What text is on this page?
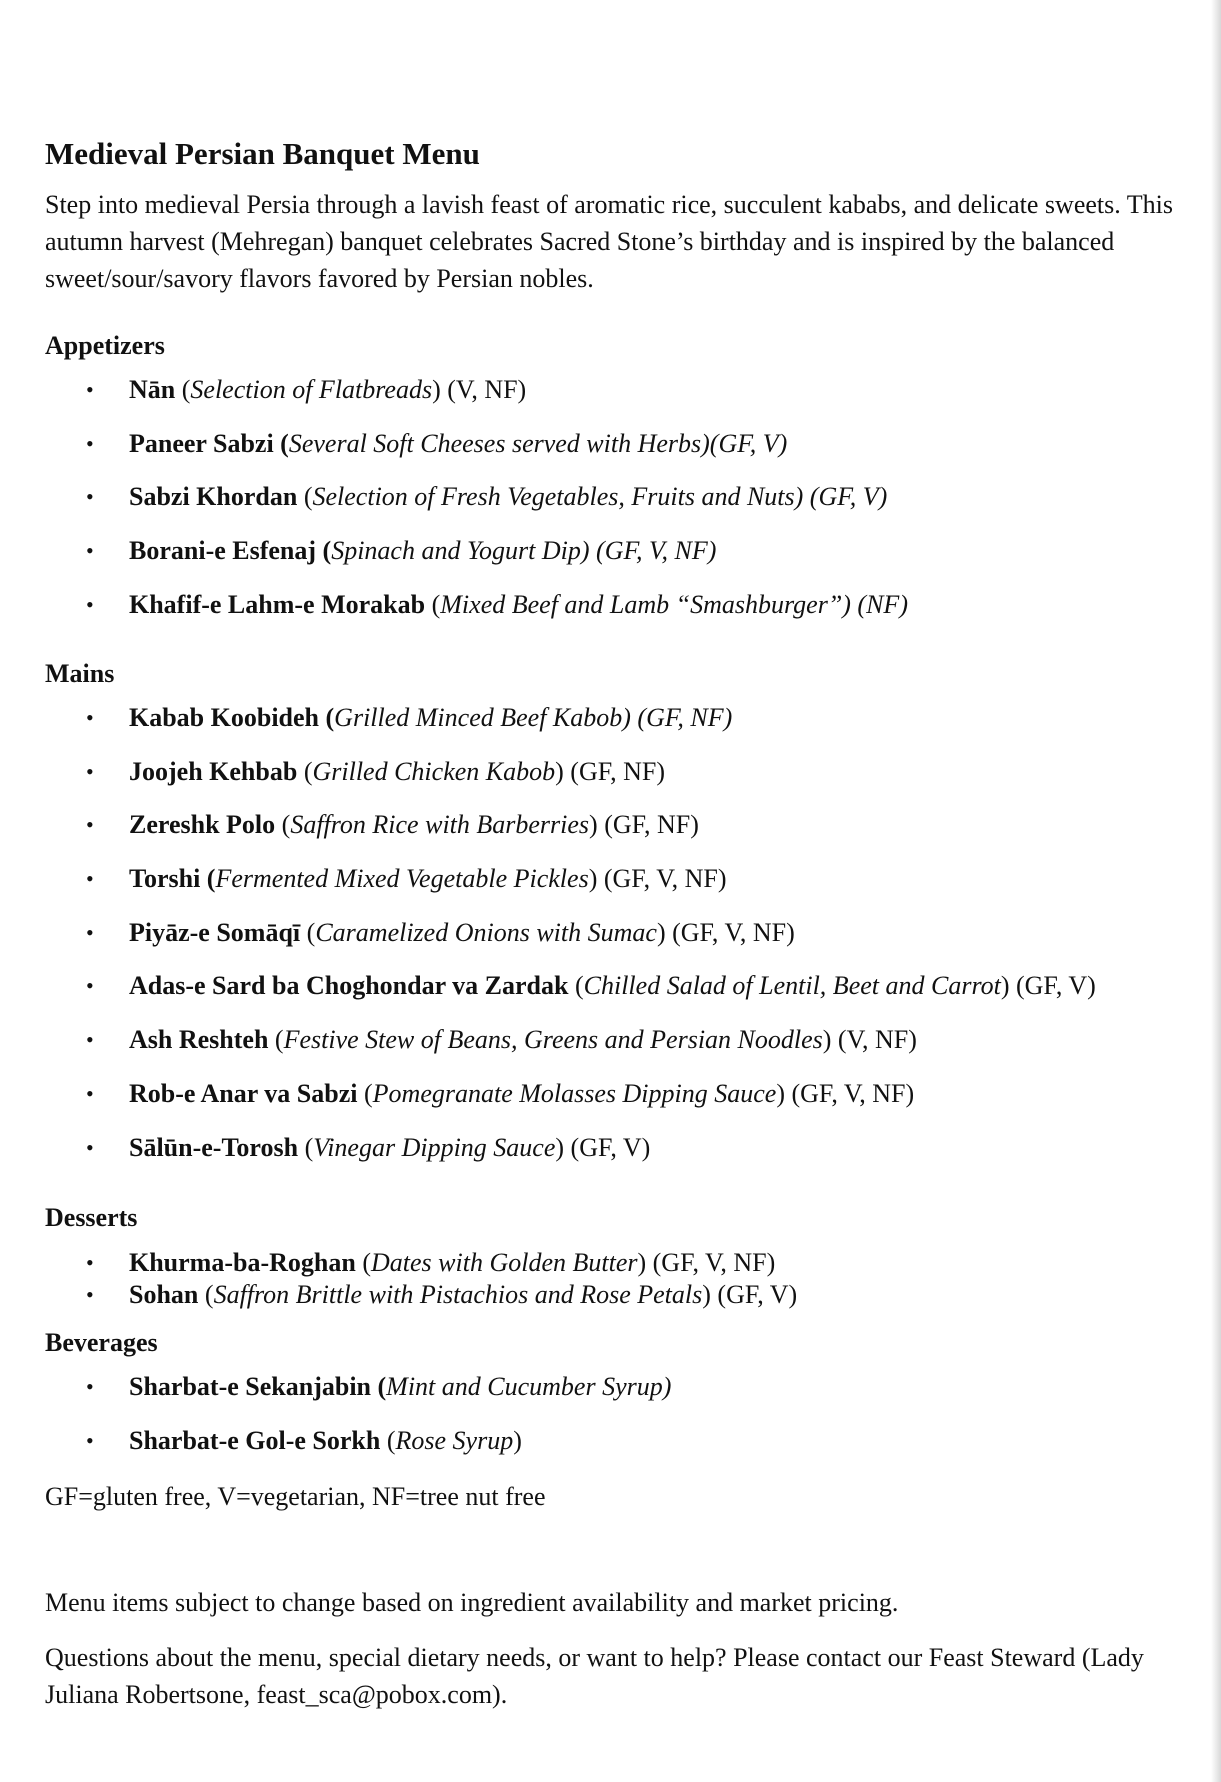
Medieval Persian Banquet Menu

Step into medieval Persia through a lavish feast of aromatic rice, succulent kababs, and delicate sweets. This autumn harvest (Mehregan) banquet celebrates Sacred Stone’s birthday and is inspired by the balanced sweet/sour/savory flavors favored by Persian nobles.

Appetizers
• Nān (Selection of Flatbreads) (V, NF)
• Paneer Sabzi (Several Soft Cheeses served with Herbs)(GF, V)
• Sabzi Khordan (Selection of Fresh Vegetables, Fruits and Nuts) (GF, V)
• Borani-e Esfenaj (Spinach and Yogurt Dip) (GF, V, NF)
• Khafif-e Lahm-e Morakab (Mixed Beef and Lamb “Smashburger”) (NF)
Mains
• Kabab Koobideh (Grilled Minced Beef Kabob) (GF, NF)
• Joojeh Kehbab (Grilled Chicken Kabob) (GF, NF)
• Zereshk Polo (Saffron Rice with Barberries) (GF, NF)
• Torshi (Fermented Mixed Vegetable Pickles) (GF, V, NF)
• Piyāz-e Somāqī (Caramelized Onions with Sumac) (GF, V, NF)
• Adas-e Sard ba Choghondar va Zardak (Chilled Salad of Lentil, Beet and Carrot) (GF, V)
• Ash Reshteh (Festive Stew of Beans, Greens and Persian Noodles) (V, NF)
• Rob-e Anar va Sabzi (Pomegranate Molasses Dipping Sauce) (GF, V, NF)
• Sālūn-e-Torosh (Vinegar Dipping Sauce) (GF, V)
Desserts
• Khurma-ba-Roghan (Dates with Golden Butter) (GF, V, NF)
• Sohan (Saffron Brittle with Pistachios and Rose Petals) (GF, V)
Beverages
• Sharbat-e Sekanjabin (Mint and Cucumber Syrup)
• Sharbat-e Gol-e Sorkh (Rose Syrup)

GF=gluten free, V=vegetarian, NF=tree nut free

Menu items subject to change based on ingredient availability and market pricing.

Questions about the menu, special dietary needs, or want to help? Please contact our Feast Steward (Lady Juliana Robertsone, feast_sca@pobox.com).
